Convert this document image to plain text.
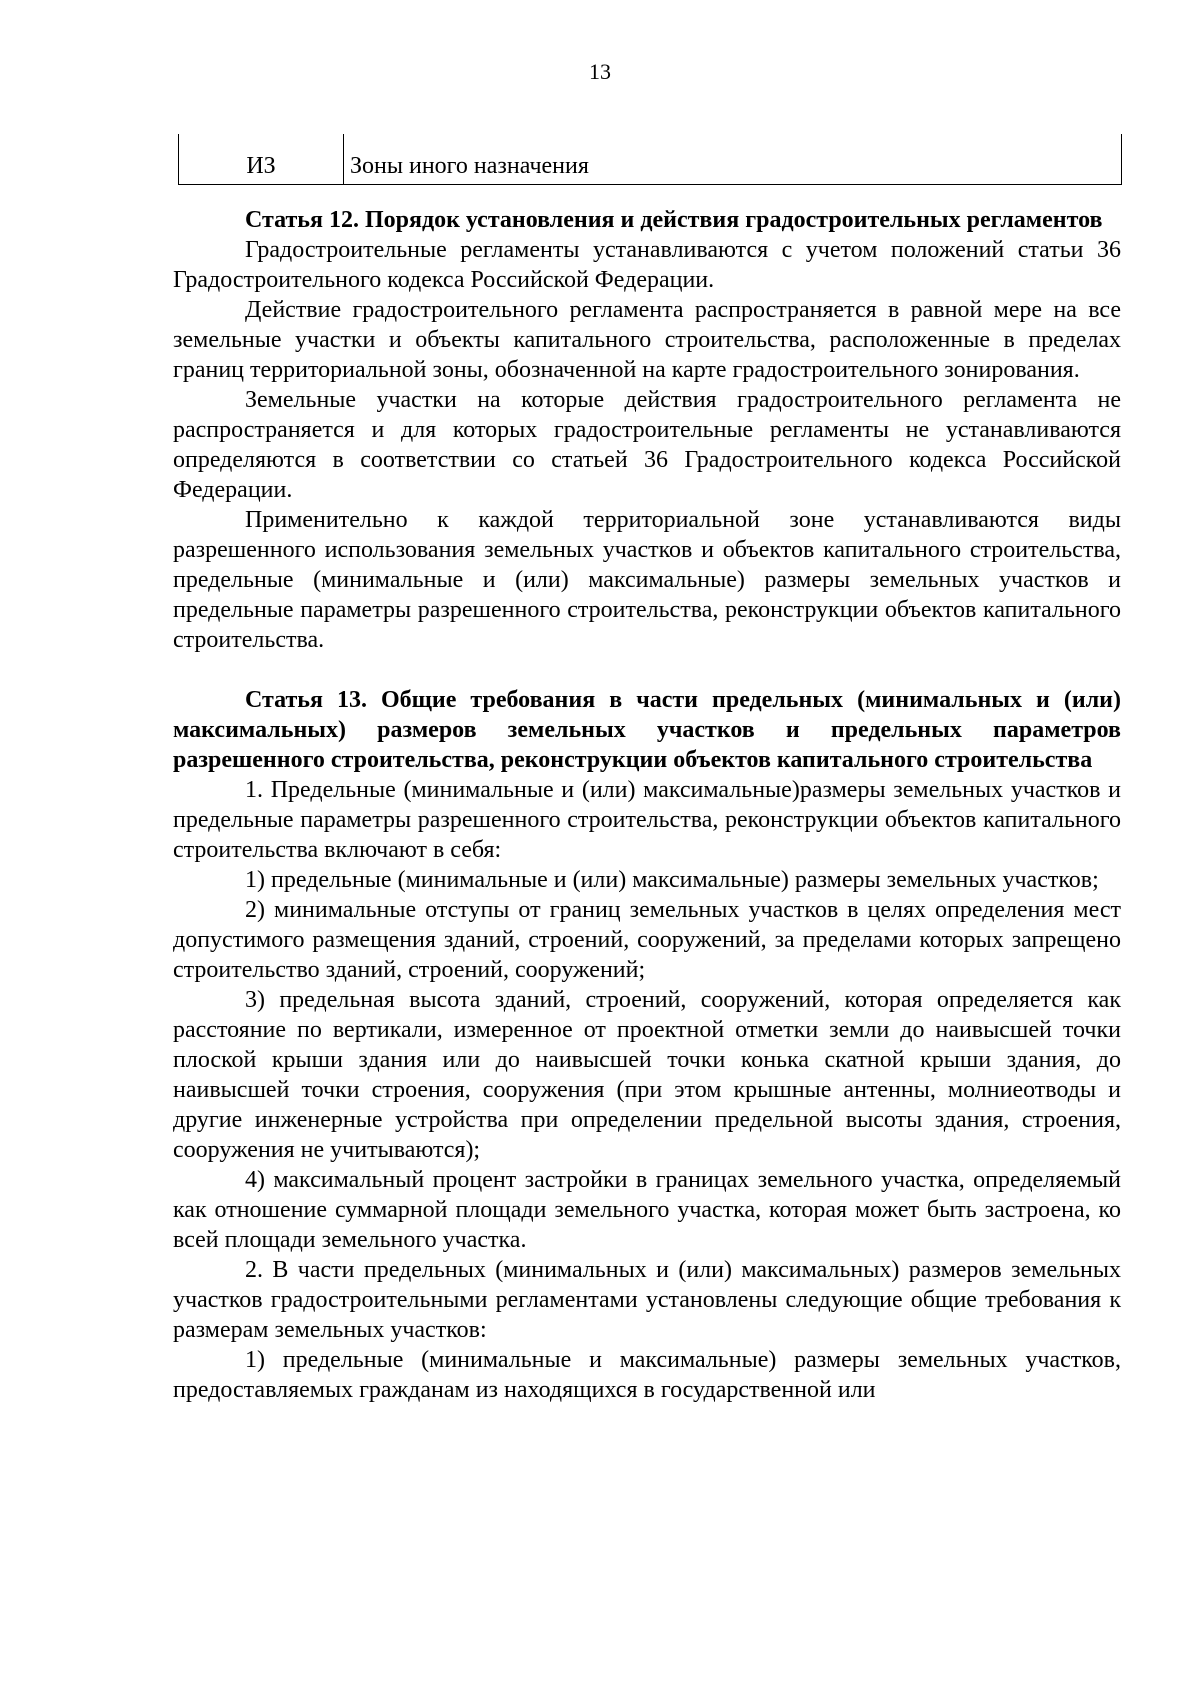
13
ИЗ	Зоны иного назначения

Статья 12. Порядок установления и действия градостроительных регламентов

Градостроительные регламенты устанавливаются с учетом положений статьи 36 Градостроительного кодекса Российской Федерации.

Действие градостроительного регламента распространяется в равной мере на все земельные участки и объекты капитального строительства, расположенные в пределах границ территориальной зоны, обозначенной на карте градостроительного зонирования.

Земельные участки на которые действия градостроительного регламента не распространяется и для которых градостроительные регламенты не устанавливаются определяются в соответствии со статьей 36 Градостроительного кодекса Российской Федерации.

Применительно к каждой территориальной зоне устанавливаются виды разрешенного использования земельных участков и объектов капитального строительства, предельные (минимальные и (или) максимальные) размеры земельных участков и предельные параметры разрешенного строительства, реконструкции объектов капитального строительства.

Статья 13. Общие требования в части предельных (минимальных и (или) максимальных) размеров земельных участков и предельных параметров разрешенного строительства, реконструкции объектов капитального строительства

1. Предельные (минимальные и (или) максимальные)размеры земельных участков и предельные параметры разрешенного строительства, реконструкции объектов капитального строительства включают в себя:

1) предельные (минимальные и (или) максимальные) размеры земельных участков;

2) минимальные отступы от границ земельных участков в целях определения мест допустимого размещения зданий, строений, сооружений, за пределами которых запрещено строительство зданий, строений, сооружений;

3) предельная высота зданий, строений, сооружений, которая определяется как расстояние по вертикали, измеренное от проектной отметки земли до наивысшей точки плоской крыши здания или до наивысшей точки конька скатной крыши здания, до наивысшей точки строения, сооружения (при этом крышные антенны, молниеотводы и другие инженерные устройства при определении предельной высоты здания, строения, сооружения не учитываются);

4) максимальный процент застройки в границах земельного участка, определяемый как отношение суммарной площади земельного участка, которая может быть застроена, ко всей площади земельного участка.

2. В части предельных (минимальных и (или) максимальных) размеров земельных участков градостроительными регламентами установлены следующие общие требования к размерам земельных участков:

1) предельные (минимальные и максимальные) размеры земельных участков, предоставляемых гражданам из находящихся в государственной или
